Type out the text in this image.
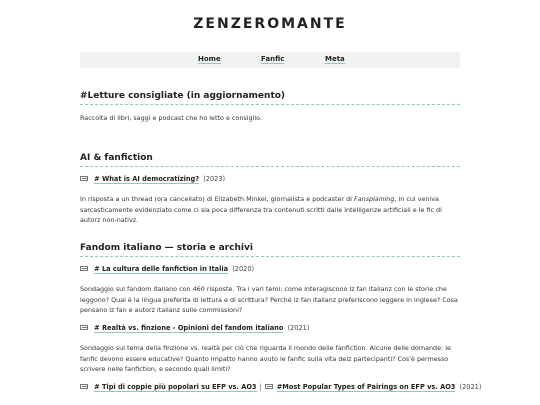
ZENZEROMANTE
Home	Fanfic	Meta
#Letture consigliate (in aggiornamento)
Raccolta di libri, saggi e podcast che ho letto e consiglio.
AI & fanfiction
# What is AI democratizing? (2023)
In risposta a un thread (ora cancellato) di Elizabeth Minkel, giornalista e podcaster di Fansplaining, in cui veniva sarcasticamente evidenziato come ci sia poca differenza tra contenuti scritti dalle intelligenze artificiali e le fic di autorz non-nativz.
Fandom italiano — storia e archivi
# La cultura delle fanfiction in Italia (2020)
Sondaggio sul fandom italiano con 460 risposte. Tra i vari temi: come interagiscono lz fan italianz con le storie che leggono? Quai è la lingua preferita di lettura e di scrittura? Perché lz fan italianz preferiscono leggere in inglese? Cosa pensano lz fan e autorz italianz sulle commissioni?
# Realtà vs. finzione - Opinioni del fandom italiano (2021)
Sondaggio sul tema della finzione vs. realtà per ciò che riguarda il mondo delle fanfiction. Alcune delle domande: le fanfic devono essere educative? Quanto impatto hanno avuto le fanfic sulla vita delz partecipanti? Cos'è permesso scrivere nelle fanfiction, e secondo quali limiti?
# Tipi di coppie più popolari su EFP vs. AO3 | #Most Popular Types of Pairings on EFP vs. AO3 (2021)
